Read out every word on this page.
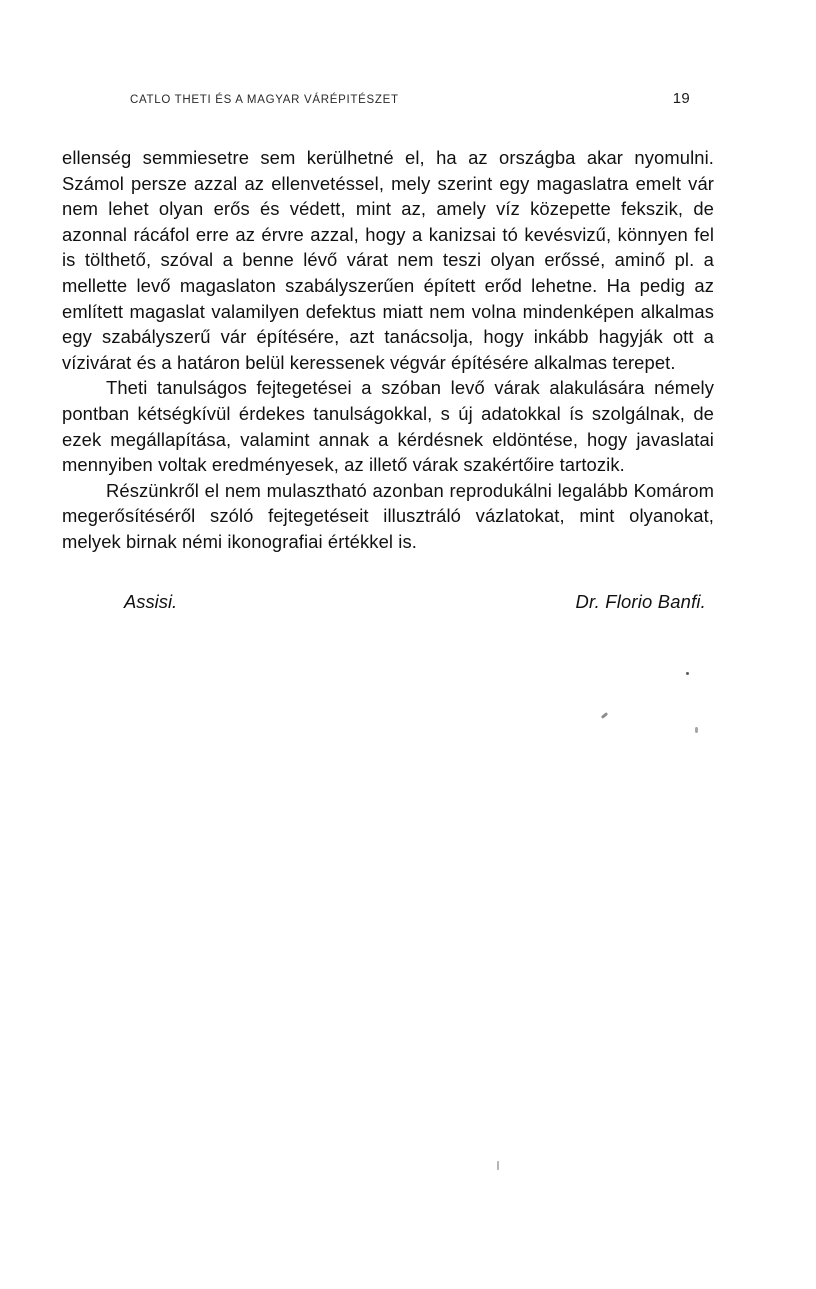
CATLO THETI ÉS A MAGYAR VÁRÉPITÉSZET	19

ellenség semmiesetre sem kerülhetné el, ha az országba akar nyomulni. Számol persze azzal az ellenvetéssel, mely szerint egy magaslatra emelt vár nem lehet olyan erős és védett, mint az, amely víz közepette fekszik, de azonnal rácáfol erre az érvre azzal, hogy a kanizsai tó kevésvizű, könnyen fel is tölthető, szóval a benne lévő várat nem teszi olyan erőssé, aminő pl. a mellette levő magaslaton szabályszerűen épített erőd lehetne. Ha pedig az említett magaslat valamilyen defektus miatt nem volna mindenképen alkalmas egy szabályszerű vár építésére, azt tanácsolja, hogy inkább hagyják ott a vízivárat és a határon belül keressenek végvár építésére alkalmas terepet.

Theti tanulságos fejtegetései a szóban levő várak alakulására némely pontban kétségkívül érdekes tanulságokkal, s új adatokkal ís szolgálnak, de ezek megállapítása, valamint annak a kérdésnek eldöntése, hogy javaslatai mennyiben voltak eredményesek, az illető várak szakértőire tartozik.

Részünkről el nem mulasztható azonban reprodukálni legalább Komárom megerősítéséről szóló fejtegetéseit illusztráló vázlatokat, mint olyanokat, melyek birnak némi ikonografiai értékkel is.

Assisi.	Dr. Florio Banfi.
